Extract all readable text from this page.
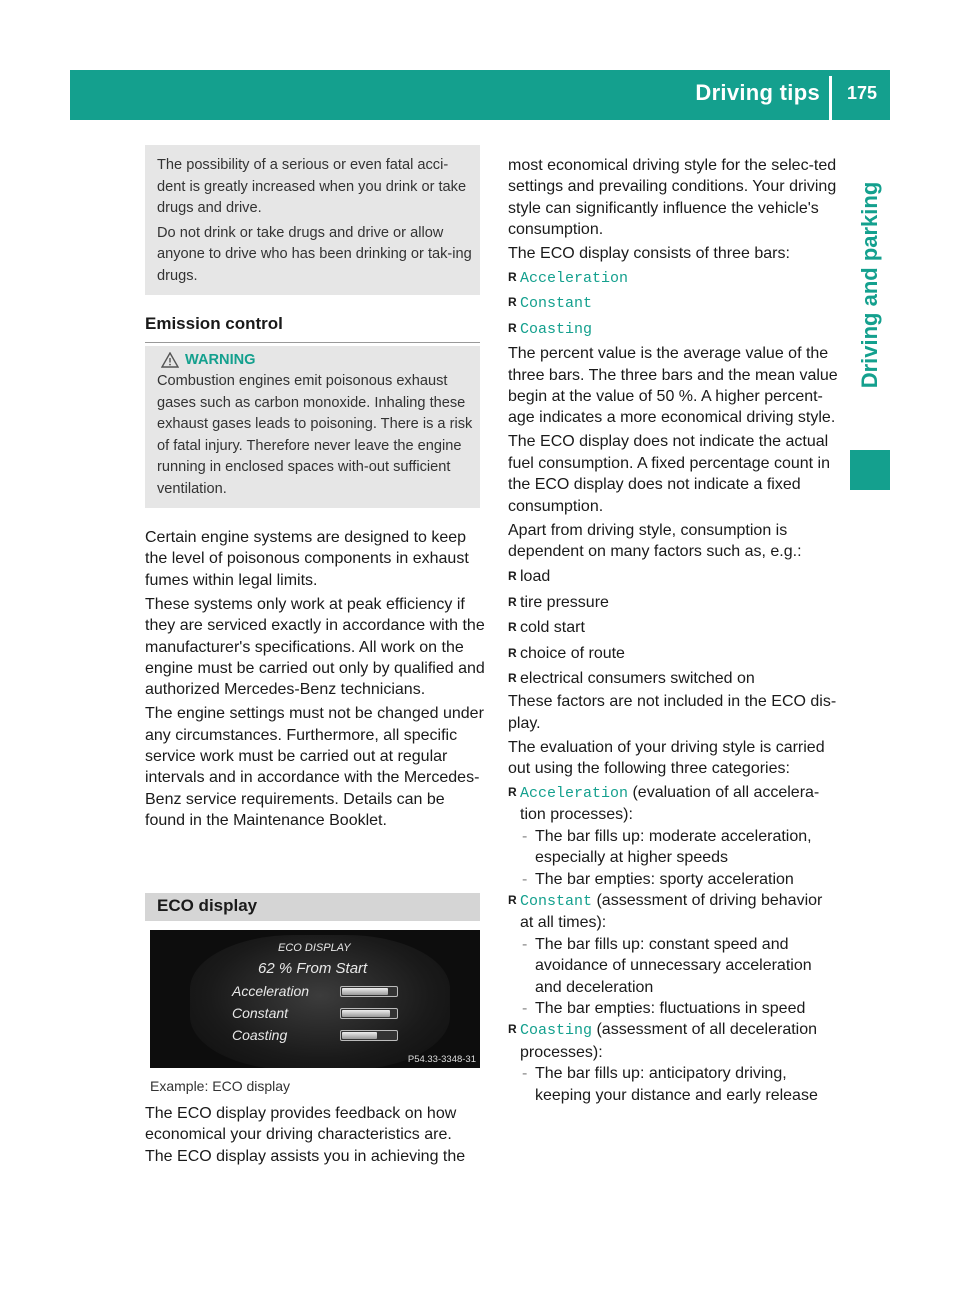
Driving tips	175
Driving and parking

The possibility of a serious or even fatal acci-dent is greatly increased when you drink or take drugs and drive.

Do not drink or take drugs and drive or allow anyone to drive who has been drinking or tak-ing drugs.

Emission control
WARNING

Combustion engines emit poisonous exhaust gases such as carbon monoxide. Inhaling these exhaust gases leads to poisoning. There is a risk of fatal injury. Therefore never leave the engine running in enclosed spaces with-out sufficient ventilation.

Certain engine systems are designed to keep the level of poisonous components in exhaust fumes within legal limits.

These systems only work at peak efficiency if they are serviced exactly in accordance with the manufacturer's specifications. All work on the engine must be carried out only by qualified and authorized Mercedes-Benz technicians.

The engine settings must not be changed under any circumstances. Furthermore, all specific service work must be carried out at regular intervals and in accordance with the Mercedes-Benz service requirements. Details can be found in the Maintenance Booklet.

ECO display
ECO DISPLAY
62 % From Start
Acceleration
Constant
Coasting
P54.33-3348-31
Example: ECO display

The ECO display provides feedback on how economical your driving characteristics are. The ECO display assists you in achieving the

most economical driving style for the selec-ted settings and prevailing conditions. Your driving style can significantly influence the vehicle's consumption.

The ECO display consists of three bars:

R Acceleration
R Constant
R Coasting

The percent value is the average value of the three bars. The three bars and the mean value begin at the value of 50 %. A higher percent-age indicates a more economical driving style.

The ECO display does not indicate the actual fuel consumption. A fixed percentage count in the ECO display does not indicate a fixed consumption.

Apart from driving style, consumption is dependent on many factors such as, e.g.:

R load
R tire pressure
R cold start
R choice of route
R electrical consumers switched on

These factors are not included in the ECO dis-play.

The evaluation of your driving style is carried out using the following three categories:

R Acceleration (evaluation of all accelera-tion processes):
- The bar fills up: moderate acceleration, especially at higher speeds
- The bar empties: sporty acceleration
R Constant (assessment of driving behavior at all times):
- The bar fills up: constant speed and avoidance of unnecessary acceleration and deceleration
- The bar empties: fluctuations in speed
R Coasting (assessment of all deceleration processes):
- The bar fills up: anticipatory driving, keeping your distance and early release
